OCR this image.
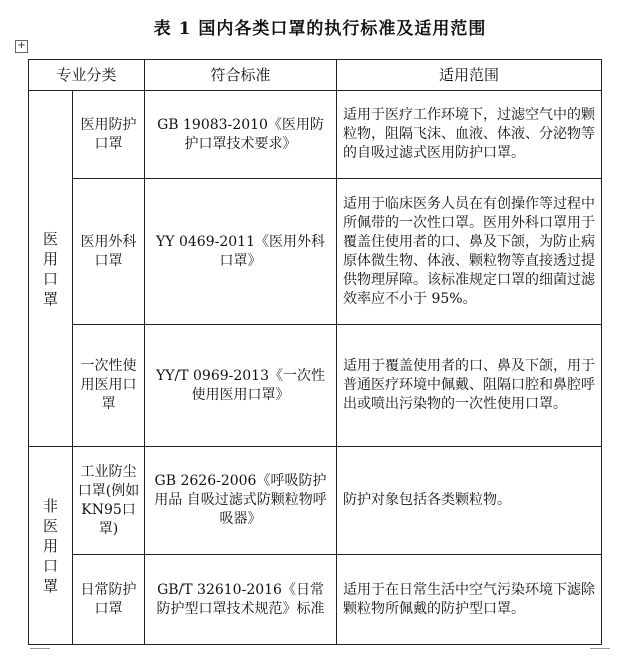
表 1 国内各类口罩的执行标准及适用范围
+
专业分类		符合标准	适用范围

医用口罩	医用防护口罩	GB 19083-2010《医用防护口罩技术要求》	适用于医疗工作环境下，过滤空气中的颗粒物，阻隔飞沫、血液、体液、分泌物等的自吸过滤式医用防护口罩。
	医用外科口罩	YY 0469-2011《医用外科口罩》	适用于临床医务人员在有创操作等过程中所佩带的一次性口罩。医用外科口罩用于覆盖住使用者的口、鼻及下颌，为防止病原体微生物、体液、颗粒物等直接透过提供物理屏障。该标准规定口罩的细菌过滤效率应不小于 95%。
	一次性使用医用口罩	YY/T 0969-2013《一次性使用医用口罩》	适用于覆盖使用者的口、鼻及下颌，用于普通医疗环境中佩戴、阻隔口腔和鼻腔呼出或喷出污染物的一次性使用口罩。

非医用口罩	工业防尘口罩(例如KN95口罩)	GB 2626-2006《呼吸防护用品 自吸过滤式防颗粒物呼吸器》	防护对象包括各类颗粒物。
	日常防护口罩	GB/T 32610-2016《日常防护型口罩技术规范》标准	适用于在日常生活中空气污染环境下滤除颗粒物所佩戴的防护型口罩。
